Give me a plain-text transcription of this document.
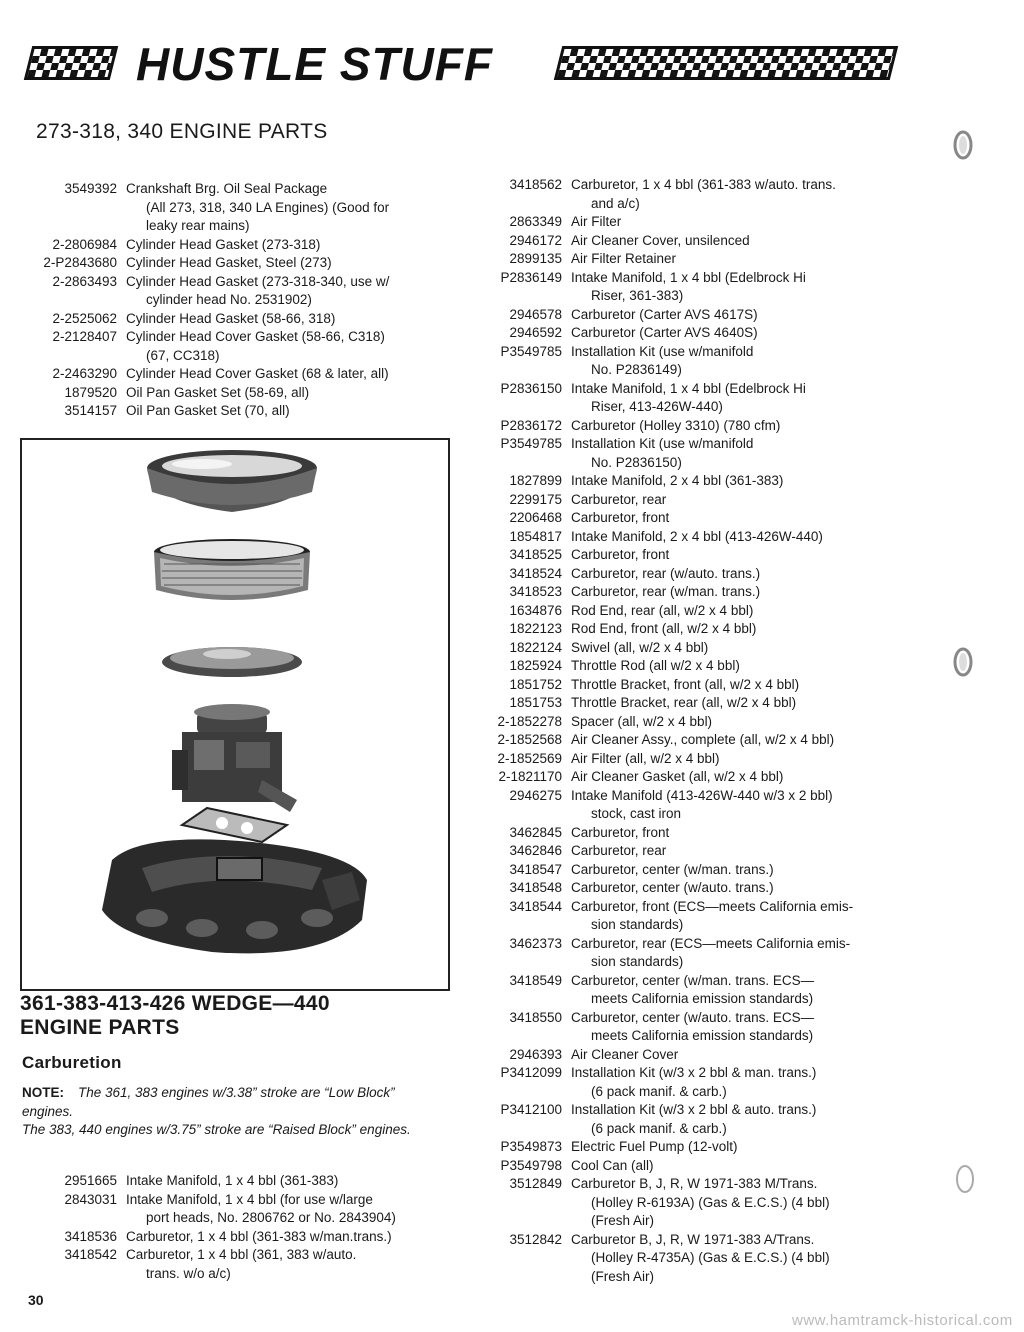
HUSTLE STUFF
273-318, 340 ENGINE PARTS
3549392 Crankshaft Brg. Oil Seal Package
(All 273, 318, 340 LA Engines) (Good for
leaky rear mains)
2-2806984 Cylinder Head Gasket (273-318)
2-P2843680 Cylinder Head Gasket, Steel (273)
2-2863493 Cylinder Head Gasket (273-318-340, use w/
cylinder head No. 2531902)
2-2525062 Cylinder Head Gasket (58-66, 318)
2-2128407 Cylinder Head Cover Gasket (58-66, C318)
(67, CC318)
2-2463290 Cylinder Head Cover Gasket (68 & later, all)
1879520 Oil Pan Gasket Set (58-69, all)
3514157 Oil Pan Gasket Set (70, all)
361-383-413-426 WEDGE—440
ENGINE PARTS
Carburetion

NOTE: The 361, 383 engines w/3.38” stroke are “Low Block” engines.
The 383, 440 engines w/3.75” stroke are “Raised Block” engines.

2951665 Intake Manifold, 1 x 4 bbl (361-383)
2843031 Intake Manifold, 1 x 4 bbl (for use w/large
port heads, No. 2806762 or No. 2843904)
3418536 Carburetor, 1 x 4 bbl (361-383 w/man.trans.)
3418542 Carburetor, 1 x 4 bbl (361, 383 w/auto.
trans. w/o a/c)
3418562 Carburetor, 1 x 4 bbl (361-383 w/auto. trans.
and a/c)
2863349 Air Filter
2946172 Air Cleaner Cover, unsilenced
2899135 Air Filter Retainer
P2836149 Intake Manifold, 1 x 4 bbl (Edelbrock Hi
Riser, 361-383)
2946578 Carburetor (Carter AVS 4617S)
2946592 Carburetor (Carter AVS 4640S)
P3549785 Installation Kit (use w/manifold
No. P2836149)
P2836150 Intake Manifold, 1 x 4 bbl (Edelbrock Hi
Riser, 413-426W-440)
P2836172 Carburetor (Holley 3310) (780 cfm)
P3549785 Installation Kit (use w/manifold
No. P2836150)
1827899 Intake Manifold, 2 x 4 bbl (361-383)
2299175 Carburetor, rear
2206468 Carburetor, front
1854817 Intake Manifold, 2 x 4 bbl (413-426W-440)
3418525 Carburetor, front
3418524 Carburetor, rear (w/auto. trans.)
3418523 Carburetor, rear (w/man. trans.)
1634876 Rod End, rear (all, w/2 x 4 bbl)
1822123 Rod End, front (all, w/2 x 4 bbl)
1822124 Swivel (all, w/2 x 4 bbl)
1825924 Throttle Rod (all w/2 x 4 bbl)
1851752 Throttle Bracket, front (all, w/2 x 4 bbl)
1851753 Throttle Bracket, rear (all, w/2 x 4 bbl)
2-1852278 Spacer (all, w/2 x 4 bbl)
2-1852568 Air Cleaner Assy., complete (all, w/2 x 4 bbl)
2-1852569 Air Filter (all, w/2 x 4 bbl)
2-1821170 Air Cleaner Gasket (all, w/2 x 4 bbl)
2946275 Intake Manifold (413-426W-440 w/3 x 2 bbl)
stock, cast iron
3462845 Carburetor, front
3462846 Carburetor, rear
3418547 Carburetor, center (w/man. trans.)
3418548 Carburetor, center (w/auto. trans.)
3418544 Carburetor, front (ECS—meets California emis-
sion standards)
3462373 Carburetor, rear (ECS—meets California emis-
sion standards)
3418549 Carburetor, center (w/man. trans. ECS—
meets California emission standards)
3418550 Carburetor, center (w/auto. trans. ECS—
meets California emission standards)
2946393 Air Cleaner Cover
P3412099 Installation Kit (w/3 x 2 bbl & man. trans.)
(6 pack manif. & carb.)
P3412100 Installation Kit (w/3 x 2 bbl & auto. trans.)
(6 pack manif. & carb.)
P3549873 Electric Fuel Pump (12-volt)
P3549798 Cool Can (all)
3512849 Carburetor B, J, R, W 1971-383 M/Trans.
(Holley R-6193A) (Gas & E.C.S.) (4 bbl)
(Fresh Air)
3512842 Carburetor B, J, R, W 1971-383 A/Trans.
(Holley R-4735A) (Gas & E.C.S.) (4 bbl)
(Fresh Air)
30
www.hamtramck-historical.com
